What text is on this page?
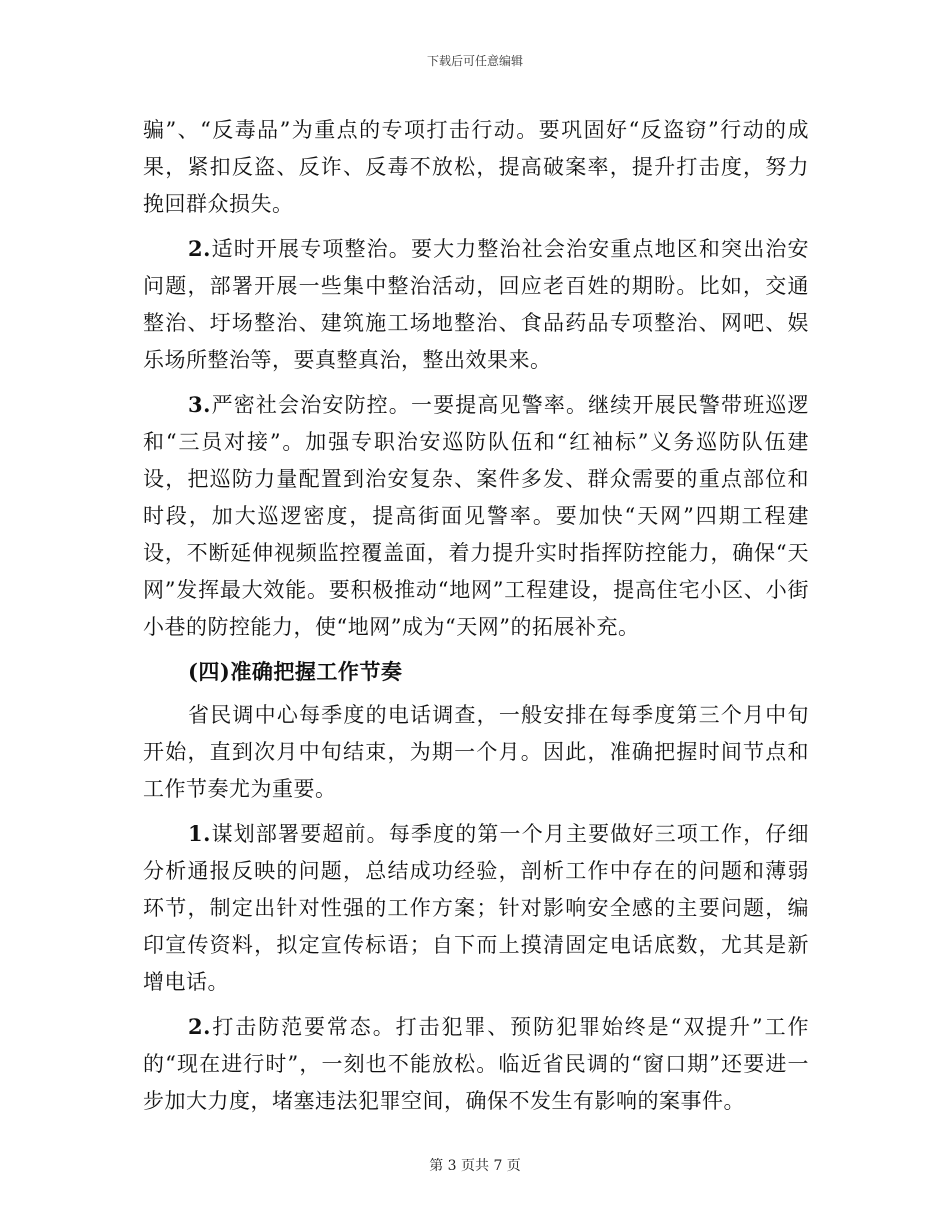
下载后可任意编辑

骗”、“反毒品”为重点的专项打击行动。要巩固好“反盗窃”行动的成果，紧扣反盗、反诈、反毒不放松，提高破案率，提升打击度，努力挽回群众损失。

2.适时开展专项整治。要大力整治社会治安重点地区和突出治安问题，部署开展一些集中整治活动，回应老百姓的期盼。比如，交通整治、圩场整治、建筑施工场地整治、食品药品专项整治、网吧、娱乐场所整治等，要真整真治，整出效果来。

3.严密社会治安防控。一要提高见警率。继续开展民警带班巡逻和“三员对接”。加强专职治安巡防队伍和“红袖标”义务巡防队伍建设，把巡防力量配置到治安复杂、案件多发、群众需要的重点部位和时段，加大巡逻密度，提高街面见警率。要加快“天网”四期工程建设，不断延伸视频监控覆盖面，着力提升实时指挥防控能力，确保“天网”发挥最大效能。要积极推动“地网”工程建设，提高住宅小区、小街小巷的防控能力，使“地网”成为“天网”的拓展补充。

(四)准确把握工作节奏

省民调中心每季度的电话调查，一般安排在每季度第三个月中旬开始，直到次月中旬结束，为期一个月。因此，准确把握时间节点和工作节奏尤为重要。

1.谋划部署要超前。每季度的第一个月主要做好三项工作，仔细分析通报反映的问题，总结成功经验，剖析工作中存在的问题和薄弱环节，制定出针对性强的工作方案；针对影响安全感的主要问题，编印宣传资料，拟定宣传标语；自下而上摸清固定电话底数，尤其是新增电话。

2.打击防范要常态。打击犯罪、预防犯罪始终是“双提升”工作的“现在进行时”，一刻也不能放松。临近省民调的“窗口期”还要进一步加大力度，堵塞违法犯罪空间，确保不发生有影响的案事件。

第 3 页共 7 页
